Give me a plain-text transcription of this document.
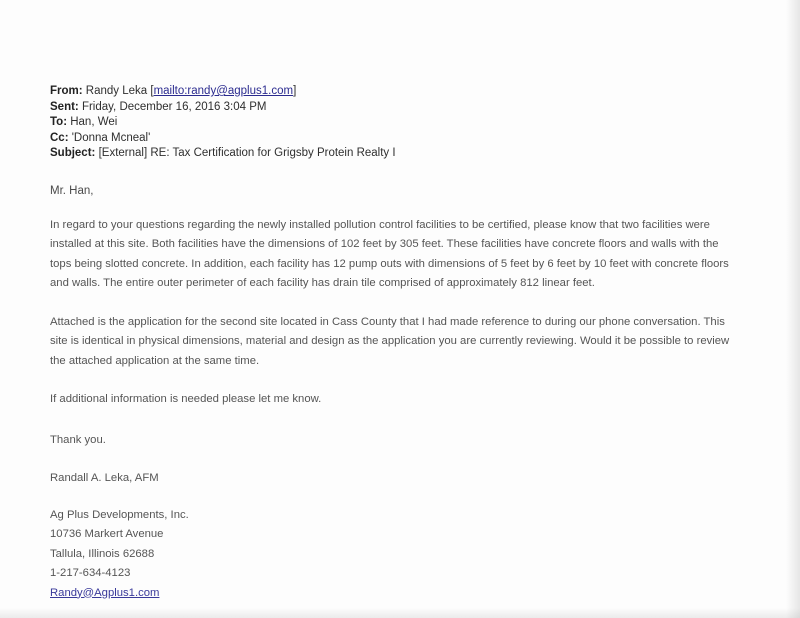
From: Randy Leka [mailto:randy@agplus1.com]
Sent: Friday, December 16, 2016 3:04 PM
To: Han, Wei
Cc: 'Donna Mcneal'
Subject: [External] RE: Tax Certification for Grigsby Protein Realty I
Mr. Han,

In regard to your questions regarding the newly installed pollution control facilities to be certified, please know that two facilities were installed at this site. Both facilities have the dimensions of 102 feet by 305 feet. These facilities have concrete floors and walls with the tops being slotted concrete. In addition, each facility has 12 pump outs with dimensions of 5 feet by 6 feet by 10 feet with concrete floors and walls. The entire outer perimeter of each facility has drain tile comprised of approximately 812 linear feet.

Attached is the application for the second site located in Cass County that I had made reference to during our phone conversation. This site is identical in physical dimensions, material and design as the application you are currently reviewing. Would it be possible to review the attached application at the same time.

If additional information is needed please let me know.

Thank you.
Randall A. Leka, AFM
Ag Plus Developments, Inc.
10736 Markert Avenue
Tallula, Illinois 62688
1-217-634-4123
Randy@Agplus1.com
